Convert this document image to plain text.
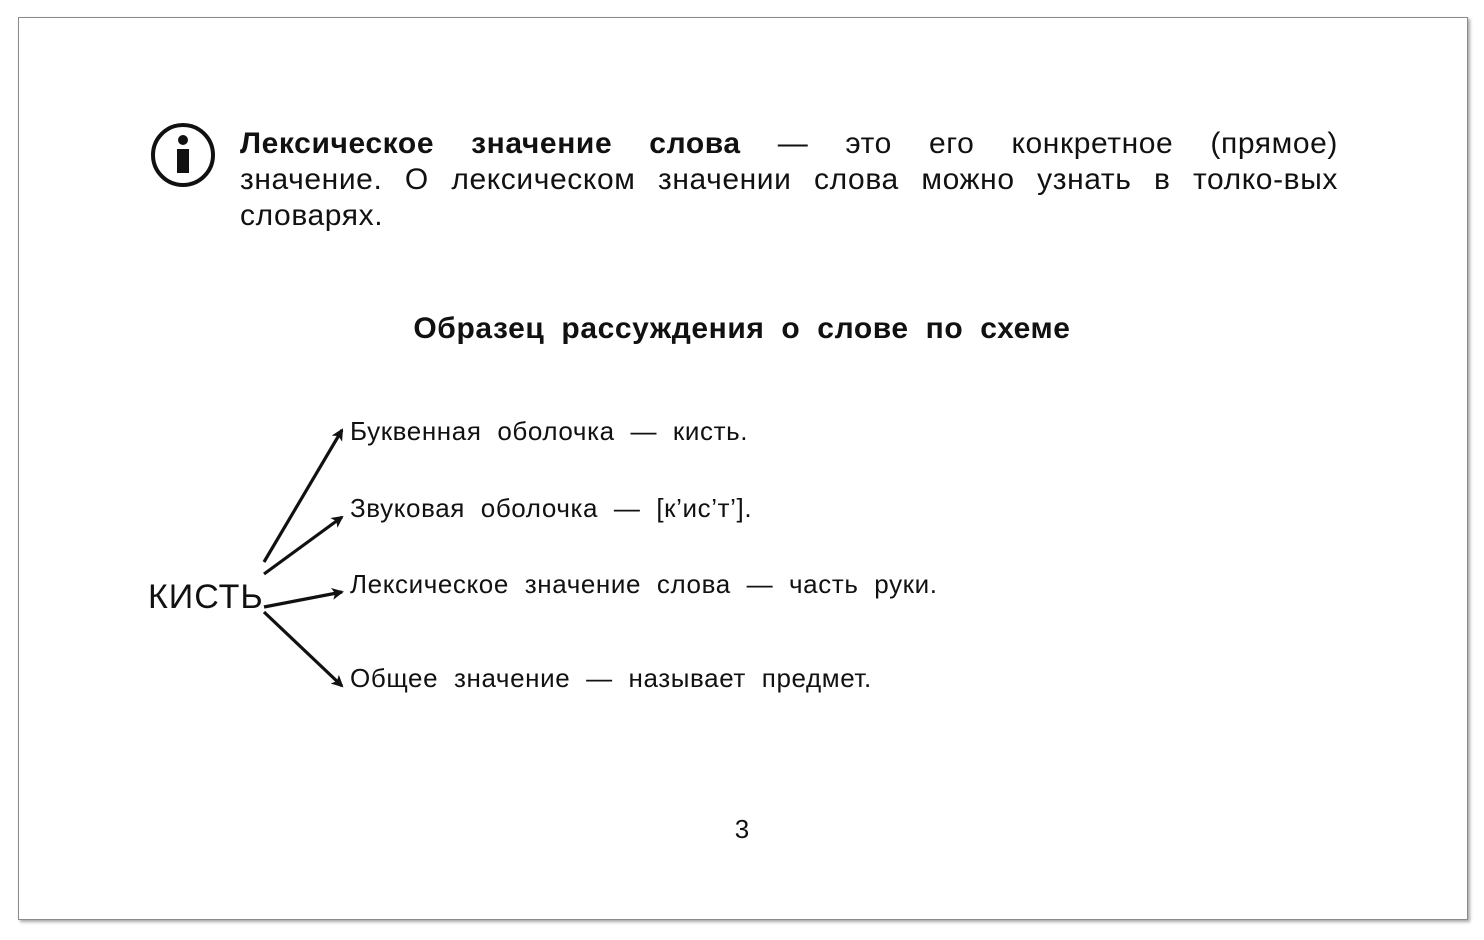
Лексическое значение слова — это его конкретное (прямое) значение. О лексическом значении слова можно узнать в толко-вых словарях.

Образец рассуждения о слове по схеме
КИСТЬ
Буквенная оболочка — кисть.
Звуковая оболочка — [к’ис’т’].
Лексическое значение слова — часть руки.
Общее значение — называет предмет.
3
